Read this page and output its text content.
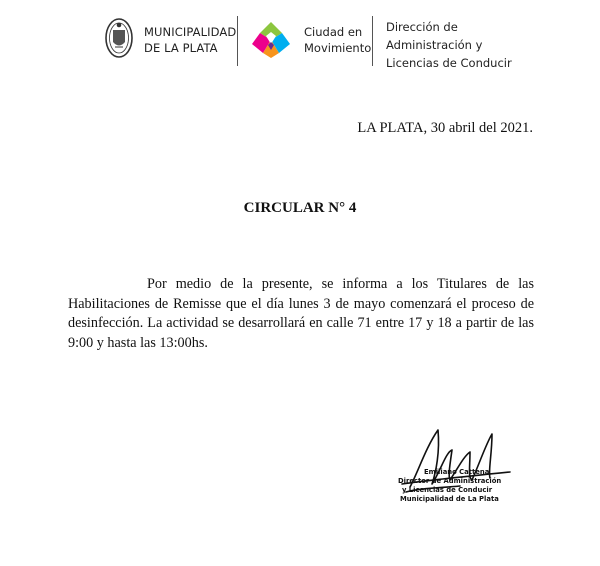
MUNICIPALIDAD
DE LA PLATA
Ciudad en
Movimiento
Dirección de
Administración y
Licencias de Conducir
LA PLATA, 30 abril del 2021.
CIRCULAR N° 4
Por medio de la presente, se informa a los Titulares de las Habilitaciones de Remisse que el día lunes 3 de mayo comenzará el proceso de desinfección. La actividad se desarrollará en calle 71 entre 17 y 18 a partir de las 9:00 y hasta las 13:00hs.
Emiliano Cattena
Director de Administración
y Licencias de Conducir
Municipalidad de La Plata
